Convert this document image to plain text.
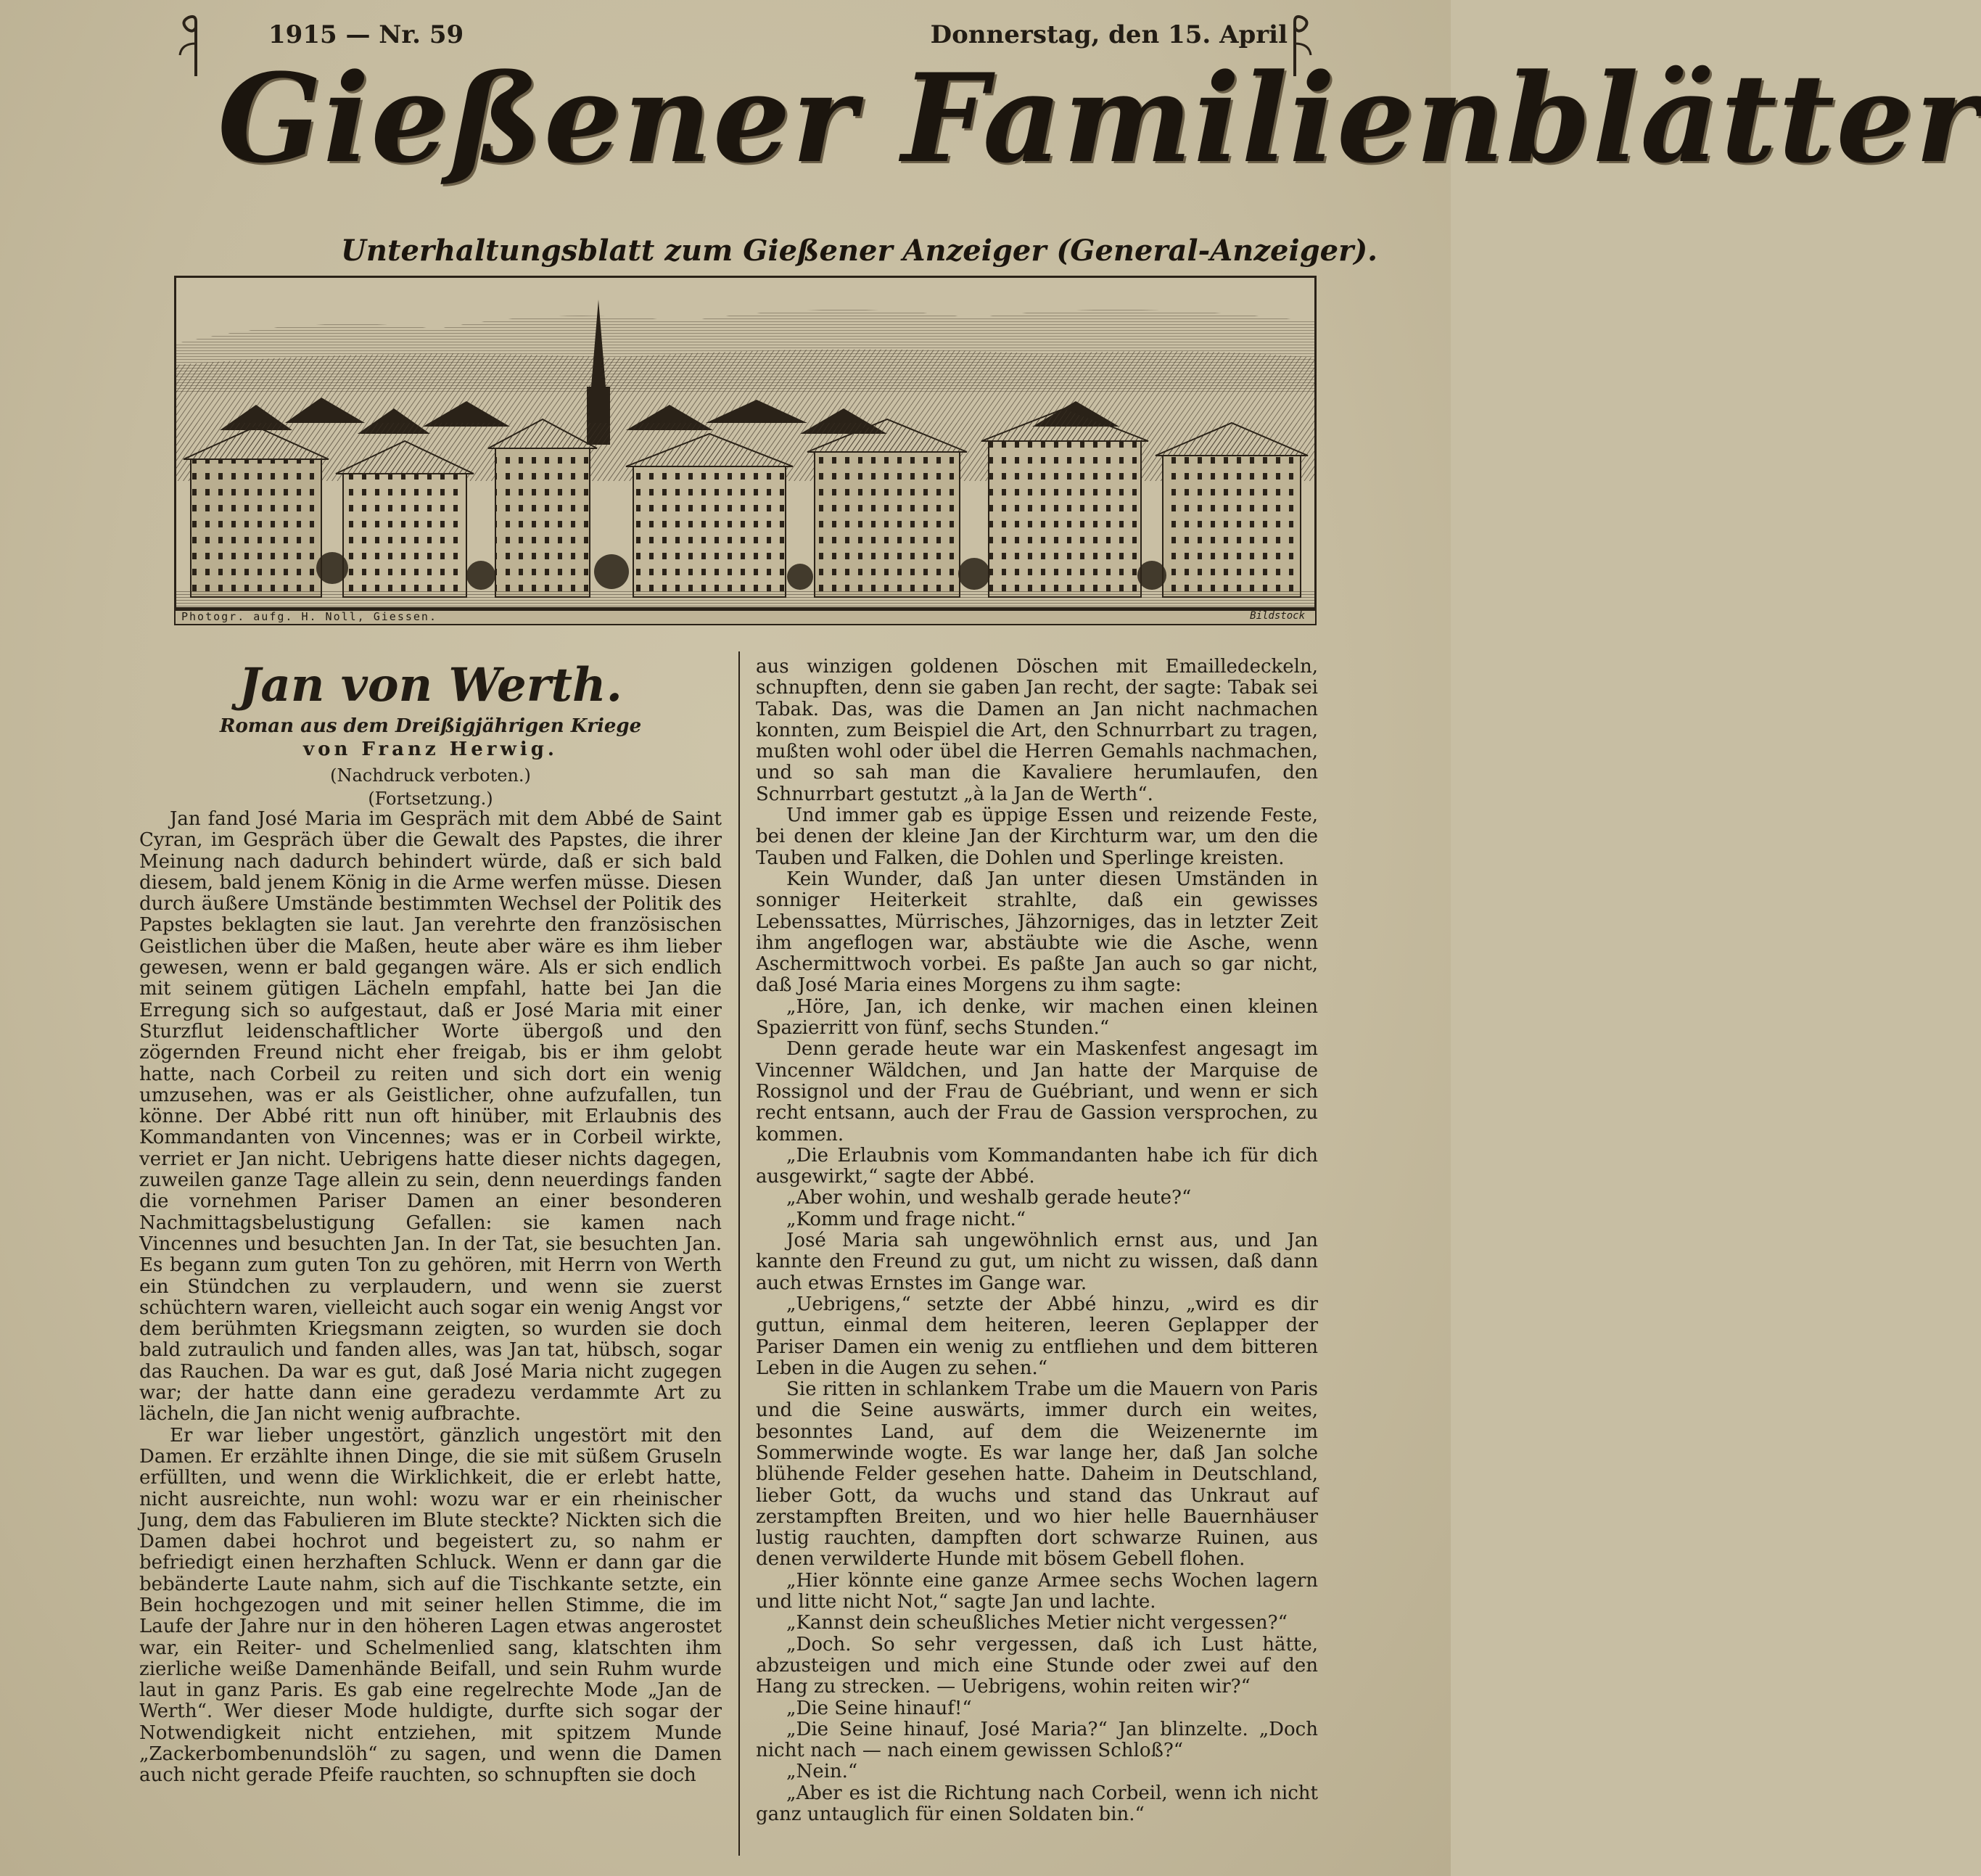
1915 — Nr. 59	Donnerstag, den 15. April
Gießener Familienblätter
Unterhaltungsblatt zum Gießener Anzeiger (General-Anzeiger).
Photogr. aufg. H. Noll, Giessen.	Bildstock
Jan von Werth.
Roman aus dem Dreißigjährigen Kriege
von Franz Herwig.
(Nachdruck verboten.)
(Fortsetzung.)

Jan fand José Maria im Gespräch mit dem Abbé de Saint Cyran, im Gespräch über die Gewalt des Papstes, die ihrer Meinung nach dadurch behindert würde, daß er sich bald diesem, bald jenem König in die Arme werfen müsse. Diesen durch äußere Umstände bestimmten Wechsel der Politik des Papstes beklagten sie laut. Jan verehrte den französischen Geistlichen über die Maßen, heute aber wäre es ihm lieber gewesen, wenn er bald gegangen wäre. Als er sich endlich mit seinem gütigen Lächeln empfahl, hatte bei Jan die Erregung sich so aufgestaut, daß er José Maria mit einer Sturzflut leidenschaftlicher Worte übergoß und den zögernden Freund nicht eher freigab, bis er ihm gelobt hatte, nach Corbeil zu reiten und sich dort ein wenig umzusehen, was er als Geistlicher, ohne aufzufallen, tun könne. Der Abbé ritt nun oft hinüber, mit Erlaubnis des Kommandanten von Vincennes; was er in Corbeil wirkte, verriet er Jan nicht. Uebrigens hatte dieser nichts dagegen, zuweilen ganze Tage allein zu sein, denn neuerdings fanden die vornehmen Pariser Damen an einer besonderen Nachmittagsbelustigung Gefallen: sie kamen nach Vincennes und besuchten Jan. In der Tat, sie besuchten Jan. Es begann zum guten Ton zu gehören, mit Herrn von Werth ein Stündchen zu verplaudern, und wenn sie zuerst schüchtern waren, vielleicht auch sogar ein wenig Angst vor dem berühmten Kriegsmann zeigten, so wurden sie doch bald zutraulich und fanden alles, was Jan tat, hübsch, sogar das Rauchen. Da war es gut, daß José Maria nicht zugegen war; der hatte dann eine geradezu verdammte Art zu lächeln, die Jan nicht wenig aufbrachte.

Er war lieber ungestört, gänzlich ungestört mit den Damen. Er erzählte ihnen Dinge, die sie mit süßem Gruseln erfüllten, und wenn die Wirklichkeit, die er erlebt hatte, nicht ausreichte, nun wohl: wozu war er ein rheinischer Jung, dem das Fabulieren im Blute steckte? Nickten sich die Damen dabei hochrot und begeistert zu, so nahm er befriedigt einen herzhaften Schluck. Wenn er dann gar die bebänderte Laute nahm, sich auf die Tischkante setzte, ein Bein hochgezogen und mit seiner hellen Stimme, die im Laufe der Jahre nur in den höheren Lagen etwas angerostet war, ein Reiter- und Schelmenlied sang, klatschten ihm zierliche weiße Damenhände Beifall, und sein Ruhm wurde laut in ganz Paris. Es gab eine regelrechte Mode „Jan de Werth“. Wer dieser Mode huldigte, durfte sich sogar der Notwendigkeit nicht entziehen, mit spitzem Munde „Zackerbombenundslöh“ zu sagen, und wenn die Damen auch nicht gerade Pfeife rauchten, so schnupften sie doch

aus winzigen goldenen Döschen mit Emailledeckeln, schnupften, denn sie gaben Jan recht, der sagte: Tabak sei Tabak. Das, was die Damen an Jan nicht nachmachen konnten, zum Beispiel die Art, den Schnurrbart zu tragen, mußten wohl oder übel die Herren Gemahls nachmachen, und so sah man die Kavaliere herumlaufen, den Schnurrbart gestutzt „à la Jan de Werth“.

Und immer gab es üppige Essen und reizende Feste, bei denen der kleine Jan der Kirchturm war, um den die Tauben und Falken, die Dohlen und Sperlinge kreisten.

Kein Wunder, daß Jan unter diesen Umständen in sonniger Heiterkeit strahlte, daß ein gewisses Lebenssattes, Mürrisches, Jähzorniges, das in letzter Zeit ihm angeflogen war, abstäubte wie die Asche, wenn Aschermittwoch vorbei. Es paßte Jan auch so gar nicht, daß José Maria eines Morgens zu ihm sagte:

„Höre, Jan, ich denke, wir machen einen kleinen Spazierritt von fünf, sechs Stunden.“

Denn gerade heute war ein Maskenfest angesagt im Vincenner Wäldchen, und Jan hatte der Marquise de Rossignol und der Frau de Guébriant, und wenn er sich recht entsann, auch der Frau de Gassion versprochen, zu kommen.

„Die Erlaubnis vom Kommandanten habe ich für dich ausgewirkt,“ sagte der Abbé.

„Aber wohin, und weshalb gerade heute?“

„Komm und frage nicht.“

José Maria sah ungewöhnlich ernst aus, und Jan kannte den Freund zu gut, um nicht zu wissen, daß dann auch etwas Ernstes im Gange war.

„Uebrigens,“ setzte der Abbé hinzu, „wird es dir guttun, einmal dem heiteren, leeren Geplapper der Pariser Damen ein wenig zu entfliehen und dem bitteren Leben in die Augen zu sehen.“

Sie ritten in schlankem Trabe um die Mauern von Paris und die Seine auswärts, immer durch ein weites, besonntes Land, auf dem die Weizenernte im Sommerwinde wogte. Es war lange her, daß Jan solche blühende Felder gesehen hatte. Daheim in Deutschland, lieber Gott, da wuchs und stand das Unkraut auf zerstampften Breiten, und wo hier helle Bauernhäuser lustig rauchten, dampften dort schwarze Ruinen, aus denen verwilderte Hunde mit bösem Gebell flohen.

„Hier könnte eine ganze Armee sechs Wochen lagern und litte nicht Not,“ sagte Jan und lachte.

„Kannst dein scheußliches Metier nicht vergessen?“

„Doch. So sehr vergessen, daß ich Lust hätte, abzusteigen und mich eine Stunde oder zwei auf den Hang zu strecken. — Uebrigens, wohin reiten wir?“

„Die Seine hinauf!“

„Die Seine hinauf, José Maria?“ Jan blinzelte. „Doch nicht nach — nach einem gewissen Schloß?“

„Nein.“

„Aber es ist die Richtung nach Corbeil, wenn ich nicht ganz untauglich für einen Soldaten bin.“
